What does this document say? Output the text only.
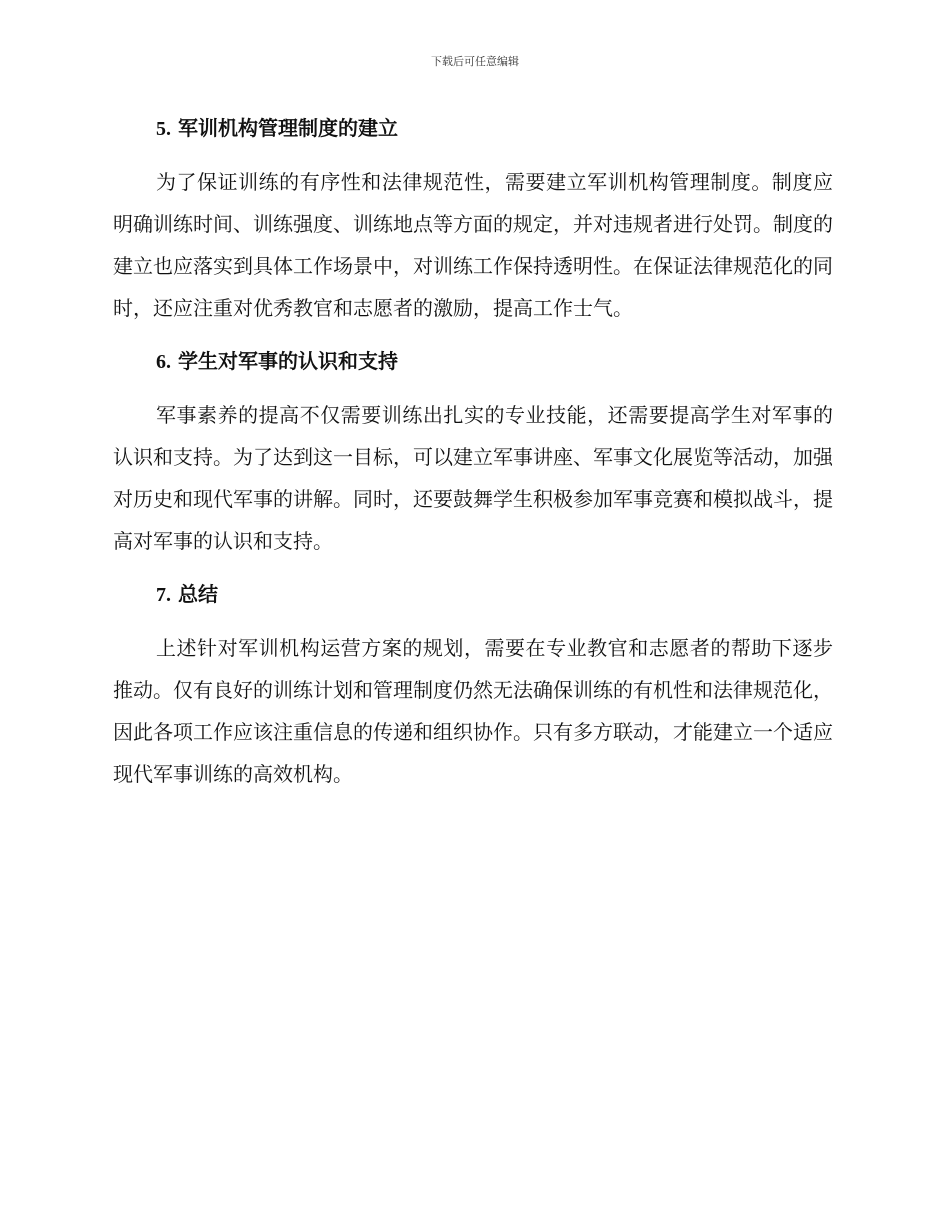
下载后可任意编辑
5. 军训机构管理制度的建立

为了保证训练的有序性和法律规范性，需要建立军训机构管理制度。制度应明确训练时间、训练强度、训练地点等方面的规定，并对违规者进行处罚。制度的建立也应落实到具体工作场景中，对训练工作保持透明性。在保证法律规范化的同时，还应注重对优秀教官和志愿者的激励，提高工作士气。

6. 学生对军事的认识和支持

军事素养的提高不仅需要训练出扎实的专业技能，还需要提高学生对军事的认识和支持。为了达到这一目标，可以建立军事讲座、军事文化展览等活动，加强对历史和现代军事的讲解。同时，还要鼓舞学生积极参加军事竞赛和模拟战斗，提高对军事的认识和支持。

7. 总结

上述针对军训机构运营方案的规划，需要在专业教官和志愿者的帮助下逐步推动。仅有良好的训练计划和管理制度仍然无法确保训练的有机性和法律规范化，因此各项工作应该注重信息的传递和组织协作。只有多方联动，才能建立一个适应现代军事训练的高效机构。
